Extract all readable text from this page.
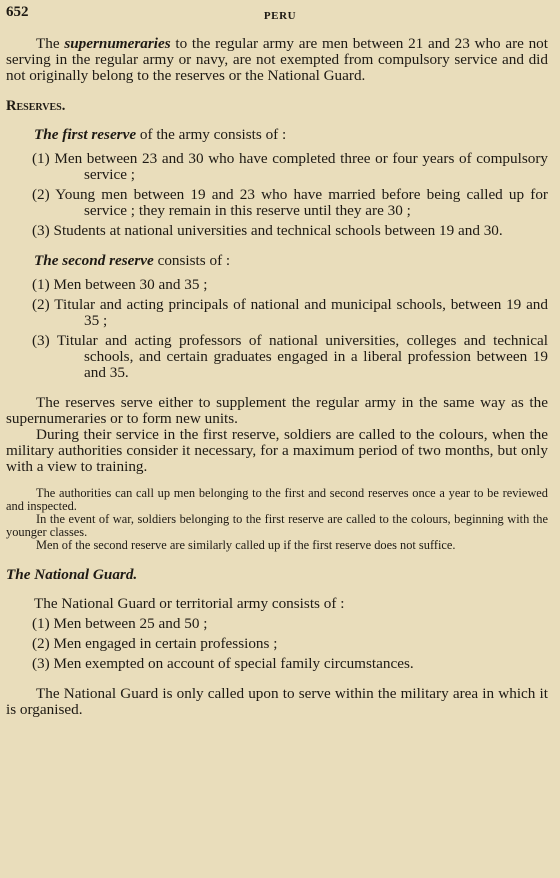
652	PERU

The supernumeraries to the regular army are men between 21 and 23 who are not serving in the regular army or navy, are not exempted from compulsory service and did not originally belong to the reserves or the National Guard.

Reserves.

The first reserve of the army consists of :

(1) Men between 23 and 30 who have completed three or four years of compulsory service ;

(2) Young men between 19 and 23 who have married before being called up for service ; they remain in this reserve until they are 30 ;

(3) Students at national universities and technical schools between 19 and 30.

The second reserve consists of :

(1) Men between 30 and 35 ;

(2) Titular and acting principals of national and municipal schools, between 19 and 35 ;

(3) Titular and acting professors of national universities, colleges and technical schools, and certain graduates engaged in a liberal profession between 19 and 35.

The reserves serve either to supplement the regular army in the same way as the supernumeraries or to form new units.

During their service in the first reserve, soldiers are called to the colours, when the military authorities consider it necessary, for a maximum period of two months, but only with a view to training.

The authorities can call up men belonging to the first and second reserves once a year to be reviewed and inspected.

In the event of war, soldiers belonging to the first reserve are called to the colours, beginning with the younger classes.

Men of the second reserve are similarly called up if the first reserve does not suffice.

The National Guard.

The National Guard or territorial army consists of :

(1) Men between 25 and 50 ;

(2) Men engaged in certain professions ;

(3) Men exempted on account of special family circumstances.

The National Guard is only called upon to serve within the military area in which it is organised.
